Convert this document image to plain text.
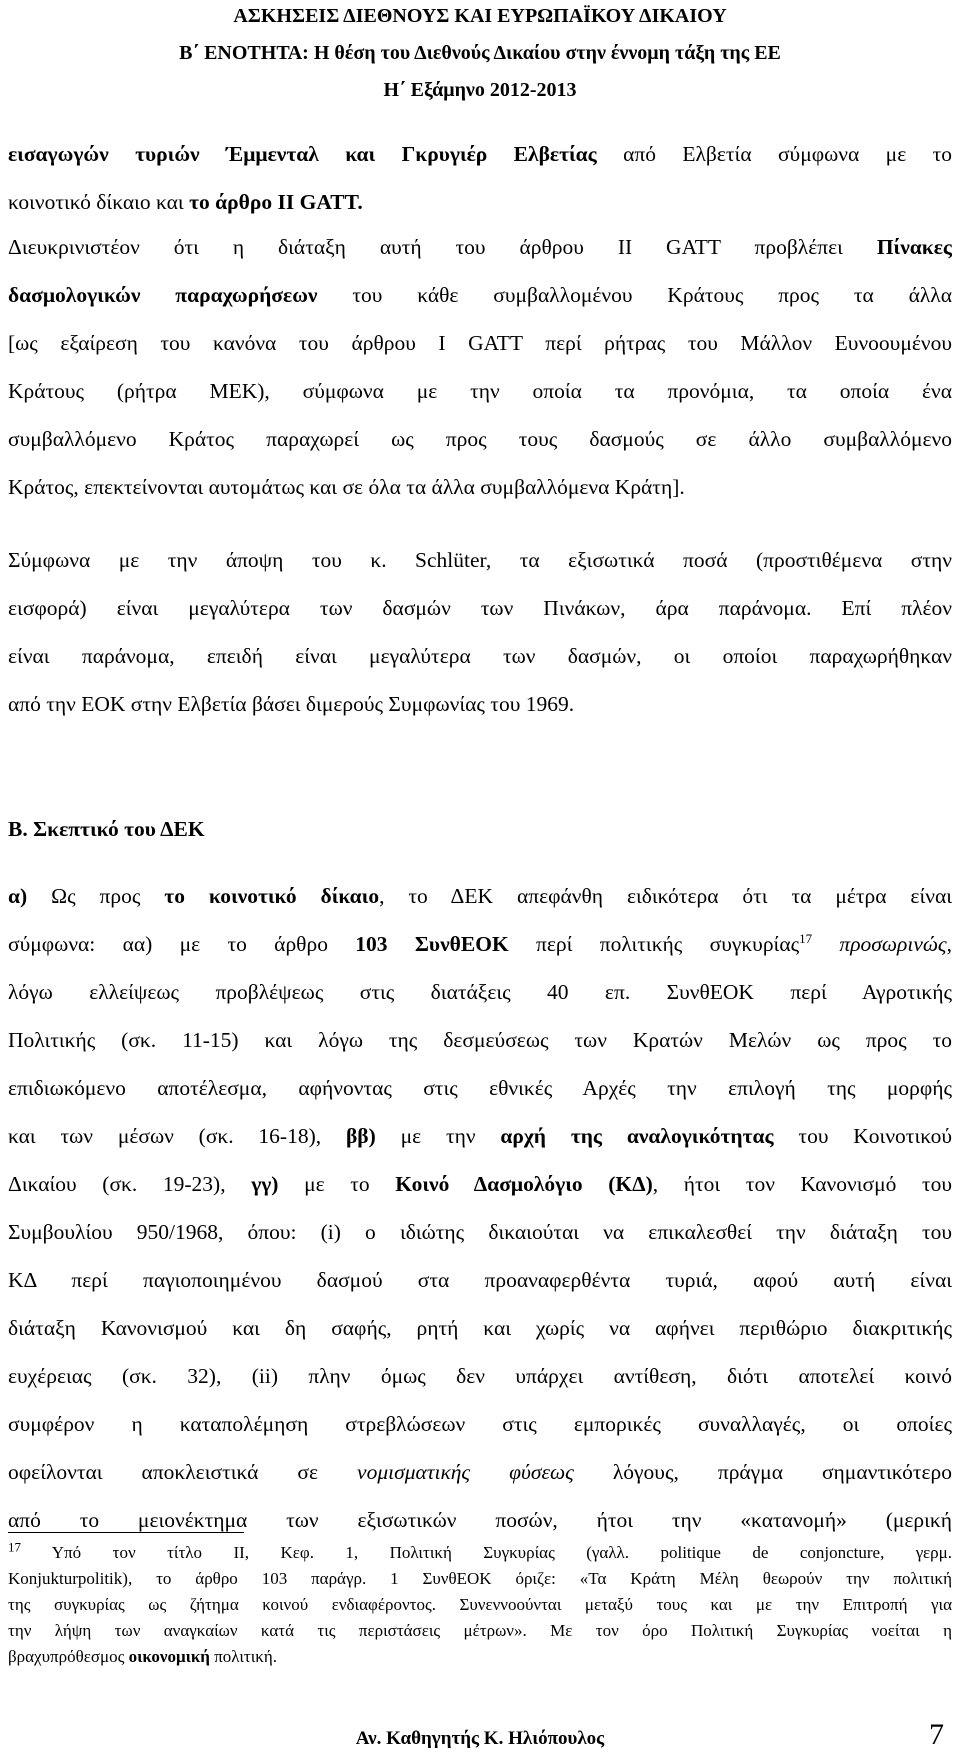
ΑΣΚΗΣΕΙΣ ΔΙΕΘΝΟΥΣ ΚΑΙ ΕΥΡΩΠΑΪΚΟΥ ΔΙΚΑΙΟΥ
Β΄ ΕΝΟΤΗΤΑ: Η θέση του Διεθνούς Δικαίου στην έννομη τάξη της ΕΕ
Η΄ Εξάμηνο 2012-2013
εισαγωγών τυριών Έμμενταλ και Γκρυγιέρ Ελβετίας από Ελβετία σύμφωνα με το
κοινοτικό δίκαιο και το άρθρο ΙΙ GATT.
Διευκρινιστέον ότι η διάταξη αυτή του άρθρου ΙΙ GATT προβλέπει Πίνακες
δασμολογικών παραχωρήσεων του κάθε συμβαλλομένου Κράτους προς τα άλλα
[ως εξαίρεση του κανόνα του άρθρου Ι GATT περί ρήτρας του Μάλλον Ευνοουμένου
Κράτους (ρήτρα ΜΕΚ), σύμφωνα με την οποία τα προνόμια, τα οποία ένα
συμβαλλόμενο Κράτος παραχωρεί ως προς τους δασμούς σε άλλο συμβαλλόμενο
Κράτος, επεκτείνονται αυτομάτως και σε όλα τα άλλα συμβαλλόμενα Κράτη].
Σύμφωνα με την άποψη του κ. Schlüter, τα εξισωτικά ποσά (προστιθέμενα στην
εισφορά) είναι μεγαλύτερα των δασμών των Πινάκων, άρα παράνομα. Επί πλέον
είναι παράνομα, επειδή είναι μεγαλύτερα των δασμών, οι οποίοι παραχωρήθηκαν
από την ΕΟΚ στην Ελβετία βάσει διμερούς Συμφωνίας του 1969.
Β. Σκεπτικό του ΔΕΚ
α) Ως προς το κοινοτικό δίκαιο, το ΔΕΚ απεφάνθη ειδικότερα ότι τα μέτρα είναι
σύμφωνα: αα) με το άρθρο 103 ΣυνθΕΟΚ περί πολιτικής συγκυρίας$^{17}$ προσωρινώς,
λόγω ελλείψεως προβλέψεως στις διατάξεις 40 επ. ΣυνθΕΟΚ περί Αγροτικής
Πολιτικής (σκ. 11-15) και λόγω της δεσμεύσεως των Κρατών Μελών ως προς το
επιδιωκόμενο αποτέλεσμα, αφήνοντας στις εθνικές Αρχές την επιλογή της μορφής
και των μέσων (σκ. 16-18), ββ) με την αρχή της αναλογικότητας του Κοινοτικού
Δικαίου (σκ. 19-23), γγ) με το Κοινό Δασμολόγιο (ΚΔ), ήτοι τον Κανονισμό του
Συμβουλίου 950/1968, όπου: (i) ο ιδιώτης δικαιούται να επικαλεσθεί την διάταξη του
ΚΔ περί παγιοποιημένου δασμού στα προαναφερθέντα τυριά, αφού αυτή είναι
διάταξη Κανονισμού και δη σαφής, ρητή και χωρίς να αφήνει περιθώριο διακριτικής
ευχέρειας (σκ. 32), (ii) πλην όμως δεν υπάρχει αντίθεση, διότι αποτελεί κοινό
συμφέρον η καταπολέμηση στρεβλώσεων στις εμπορικές συναλλαγές, οι οποίες
οφείλονται αποκλειστικά σε νομισματικής φύσεως λόγους, πράγμα σημαντικότερο
από το μειονέκτημα των εξισωτικών ποσών, ήτοι την «κατανομή» (μερική
$^{17}$ Υπό τον τίτλο ΙΙ, Κεφ. 1, Πολιτική Συγκυρίας (γαλλ. politique de conjoncture, γερμ.
Konjukturpolitik), το άρθρο 103 παράγρ. 1 ΣυνθΕΟΚ όριζε: «Τα Κράτη Μέλη θεωρούν την πολιτική
της συγκυρίας ως ζήτημα κοινού ενδιαφέροντος. Συνεννοούνται μεταξύ τους και με την Επιτροπή για
την λήψη των αναγκαίων κατά τις περιστάσεις μέτρων». Με τον όρο Πολιτική Συγκυρίας νοείται η
βραχυπρόθεσμος οικονομική πολιτική.
Αν. Καθηγητής Κ. Ηλιόπουλος	7
